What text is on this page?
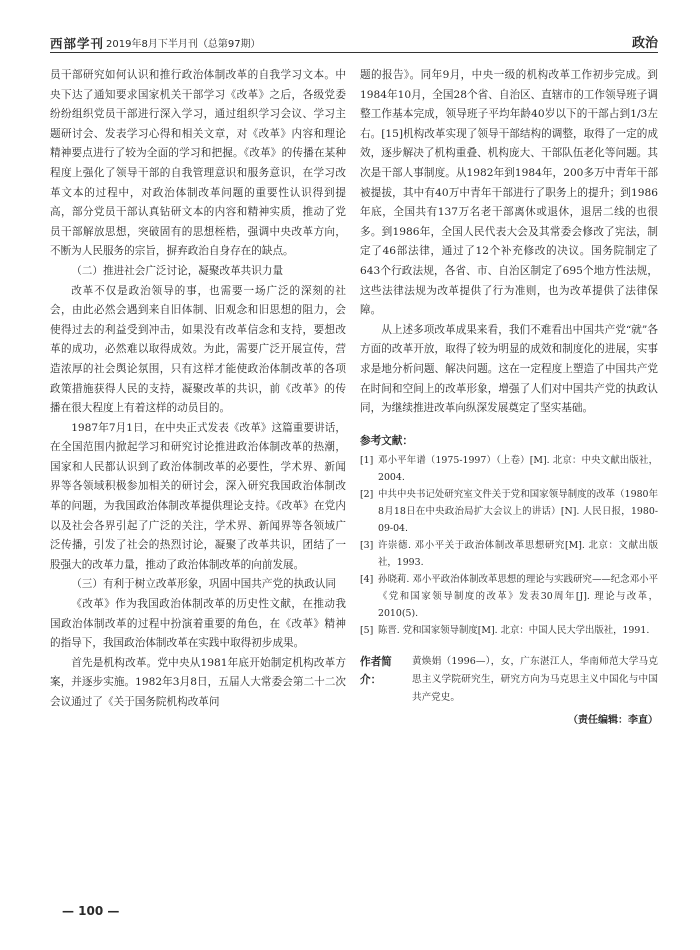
西部学刊 2019年8月下半月刊（总第97期）	政治

员干部研究如何认识和推行政治体制改革的自我学习文本。中央下达了通知要求国家机关干部学习《改革》之后，各级党委纷纷组织党员干部进行深入学习，通过组织学习会议、学习主题研讨会、发表学习心得和相关文章，对《改革》内容和理论精神要点进行了较为全面的学习和把握。《改革》的传播在某种程度上强化了领导干部的自我管理意识和服务意识，在学习改革文本的过程中，对政治体制改革问题的重要性认识得到提高，部分党员干部认真钻研文本的内容和精神实质，推动了党员干部解放思想，突破固有的思想桎梏，强调中央改革方向，不断为人民服务的宗旨，摒弃政治自身存在的缺点。

（二）推进社会广泛讨论，凝聚改革共识力量

改革不仅是政治领导的事，也需要一场广泛的深刻的社会，由此必然会遇到来自旧体制、旧观念和旧思想的阻力，会使得过去的利益受到冲击，如果没有改革信念和支持，要想改革的成功，必然难以取得成效。为此，需要广泛开展宣传，营造浓厚的社会舆论氛围，只有这样才能使政治体制改革的各项政策措施获得人民的支持，凝聚改革的共识，前《改革》的传播在很大程度上有着这样的动员目的。

1987年7月1日，在中央正式发表《改革》这篇重要讲话，在全国范围内掀起学习和研究讨论推进政治体制改革的热潮，国家和人民都认识到了政治体制改革的必要性，学术界、新闻界等各领域积极参加相关的研讨会，深入研究我国政治体制改革的问题，为我国政治体制改革提供理论支持。《改革》在党内以及社会各界引起了广泛的关注，学术界、新闻界等各领域广泛传播，引发了社会的热烈讨论，凝聚了改革共识，团结了一股强大的改革力量，推动了政治体制改革的向前发展。

（三）有利于树立改革形象，巩固中国共产党的执政认同

《改革》作为我国政治体制改革的历史性文献，在推动我国政治体制改革的过程中扮演着重要的角色，在《改革》精神的指导下，我国政治体制改革在实践中取得初步成果。

首先是机构改革。党中央从1981年底开始制定机构改革方案，并逐步实施。1982年3月8日，五届人大常委会第二十二次会议通过了《关于国务院机构改革问

题的报告》。同年9月，中央一级的机构改革工作初步完成。到1984年10月，全国28个省、自治区、直辖市的工作领导班子调整工作基本完成，领导班子平均年龄40岁以下的干部占到1/3左右。[15]机构改革实现了领导干部结构的调整，取得了一定的成效，逐步解决了机构重叠、机构庞大、干部队伍老化等问题。其次是干部人事制度。从1982年到1984年，200多万中青年干部被提拔，其中有40万中青年干部进行了职务上的提升；到1986年底，全国共有137万名老干部离休或退休，退居二线的也很多。到1986年，全国人民代表大会及其常委会修改了宪法，制定了46部法律，通过了12个补充修改的决议。国务院制定了643个行政法规，各省、市、自治区制定了695个地方性法规，这些法律法规为改革提供了行为准则，也为改革提供了法律保障。

从上述多项改革成果来看，我们不难看出中国共产党“就”各方面的改革开放，取得了较为明显的成效和制度化的进展，实事求是地分析问题、解决问题。这在一定程度上塑造了中国共产党在时间和空间上的改革形象，增强了人们对中国共产党的执政认同，为继续推进改革向纵深发展奠定了坚实基础。

参考文献：
[1] 邓小平年谱（1975-1997）（上卷）[M]. 北京：中央文献出版社，2004.
[2] 中共中央书记处研究室文件关于党和国家领导制度的改革（1980年8月18日在中央政治局扩大会议上的讲话）[N]. 人民日报，1980-09-04.
[3] 许崇德. 邓小平关于政治体制改革思想研究[M]. 北京：文献出版社，1993.
[4] 孙晓莉. 邓小平政治体制改革思想的理论与实践研究——纪念邓小平《党和国家领导制度的改革》发表30周年[J]. 理论与改革，2010(5).
[5] 陈晋. 党和国家领导制度[M]. 北京：中国人民大学出版社，1991.
作者简介：
黄焕娟（1996—），女，广东湛江人，华南师范大学马克思主义学院研究生，研究方向为马克思主义中国化与中国共产党史。
（责任编辑：李直）
— 100 —
